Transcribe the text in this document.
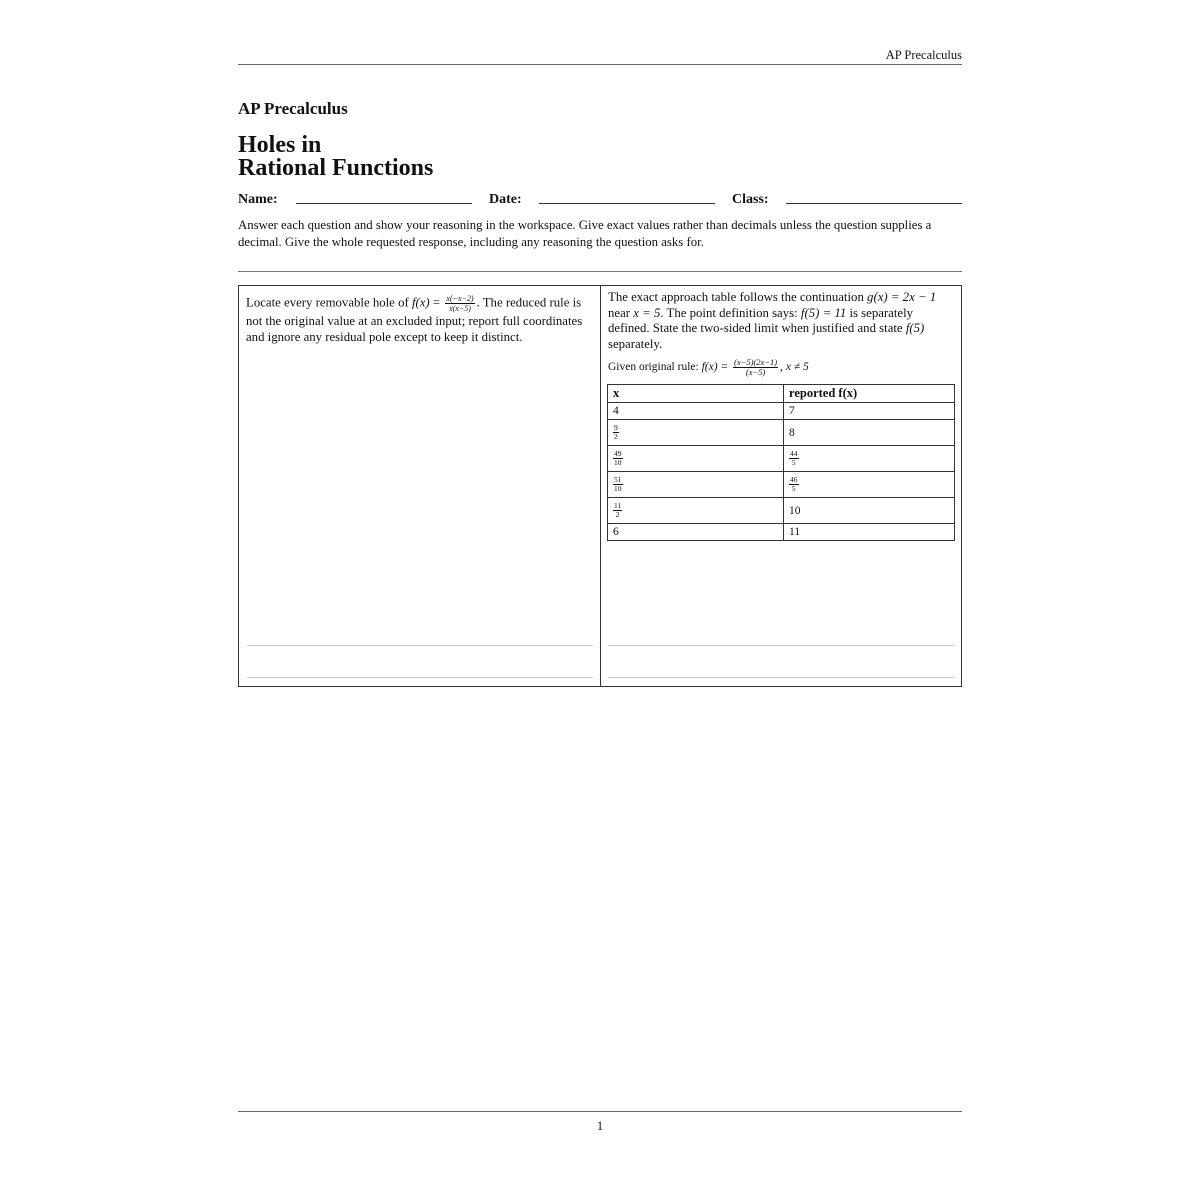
AP Precalculus
AP Precalculus
Holes in
Rational Functions
Name:	Date:	Class:
Answer each question and show your reasoning in the workspace. Give exact values rather than decimals unless the question supplies a decimal. Give the whole requested response, including any reasoning the question asks for.
Locate every removable hole of $f(x) = \frac{x(-x-2)}{x(x-5)}$ . The reduced rule is not the original value at an excluded input; report full coordinates and ignore any residual pole except to keep it distinct.
The exact approach table follows the continuation g(x) = 2x − 1 near x = 5. The point definition says: f(5) = 11 is separately defined. State the two-sided limit when justified and state f(5) separately.
Given original rule: $f(x) = \frac{(x-5)(2x-1)}{(x-5)}$ , x ≠ 5
x	reported f(x)
4	7

$\frac{9}{2}$	8

$\frac{49}{10}$	$\frac{44}{5}$

$\frac{51}{10}$	$\frac{46}{5}$

$\frac{11}{2}$	10
6	11
1
